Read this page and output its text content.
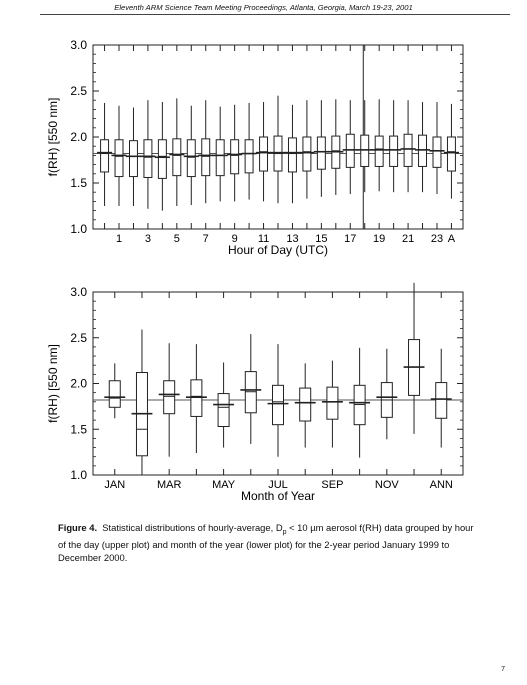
Eleventh ARM Science Team Meeting Proceedings, Atlanta, Georgia, March 19-23, 2001
1.0
1.5
2.0
2.5
3.0
f(RH) [550 nm]
1 3 5 7 9 11 13 15 17 19 21 23 A
Hour of Day (UTC)
1.0
1.5
2.0
2.5
3.0
f(RH) [550 nm]
JAN	MAR	MAY	JUL	SEP	NOV	ANN
Month of Year
Figure 4. Statistical distributions of hourly-average, $D_p < 10$ µm aerosol f(RH) data grouped by hour of the day (upper plot) and month of the year (lower plot) for the 2-year period January 1999 to December 2000.
7
